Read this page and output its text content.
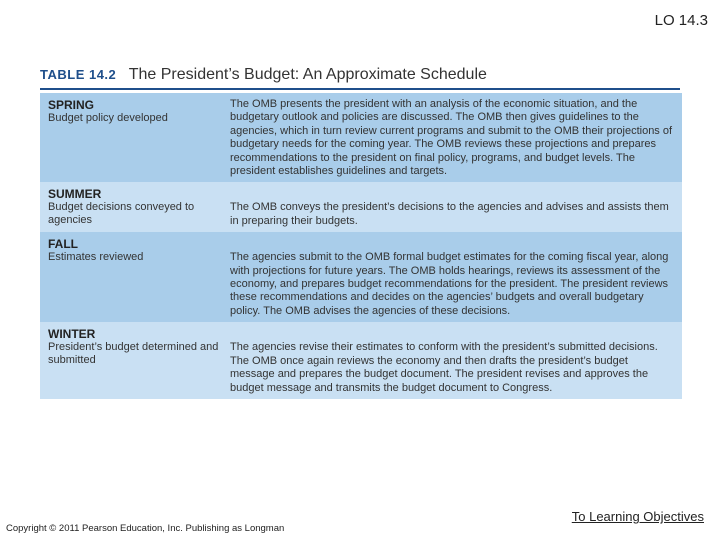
LO 14.3
TABLE 14.2 The President’s Budget: An Approximate Schedule
SPRING
Budget policy developed
The OMB presents the president with an analysis of the economic situation, and the budgetary outlook and policies are discussed. The OMB then gives guidelines to the agencies, which in turn review current programs and submit to the OMB their projections of budgetary needs for the coming year. The OMB reviews these projections and prepares recommendations to the president on final policy, programs, and budget levels. The president establishes guidelines and targets.
SUMMER
Budget decisions conveyed to agencies
The OMB conveys the president’s decisions to the agencies and advises and assists them in preparing their budgets.
FALL
Estimates reviewed	The agencies submit to the OMB formal budget estimates for the coming fiscal year, along with projections for future years. The OMB holds hearings, reviews its assessment of the economy, and prepares budget recommendations for the president. The president reviews these recommendations and decides on the agencies’ budgets and overall budgetary policy. The OMB advises the agencies of these decisions.
WINTER
President’s budget determined and submitted
The agencies revise their estimates to conform with the president’s submitted decisions. The OMB once again reviews the economy and then drafts the president’s budget message and prepares the budget document. The president revises and approves the budget message and transmits the budget document to Congress.
To Learning Objectives
Copyright © 2011 Pearson Education, Inc. Publishing as Longman
